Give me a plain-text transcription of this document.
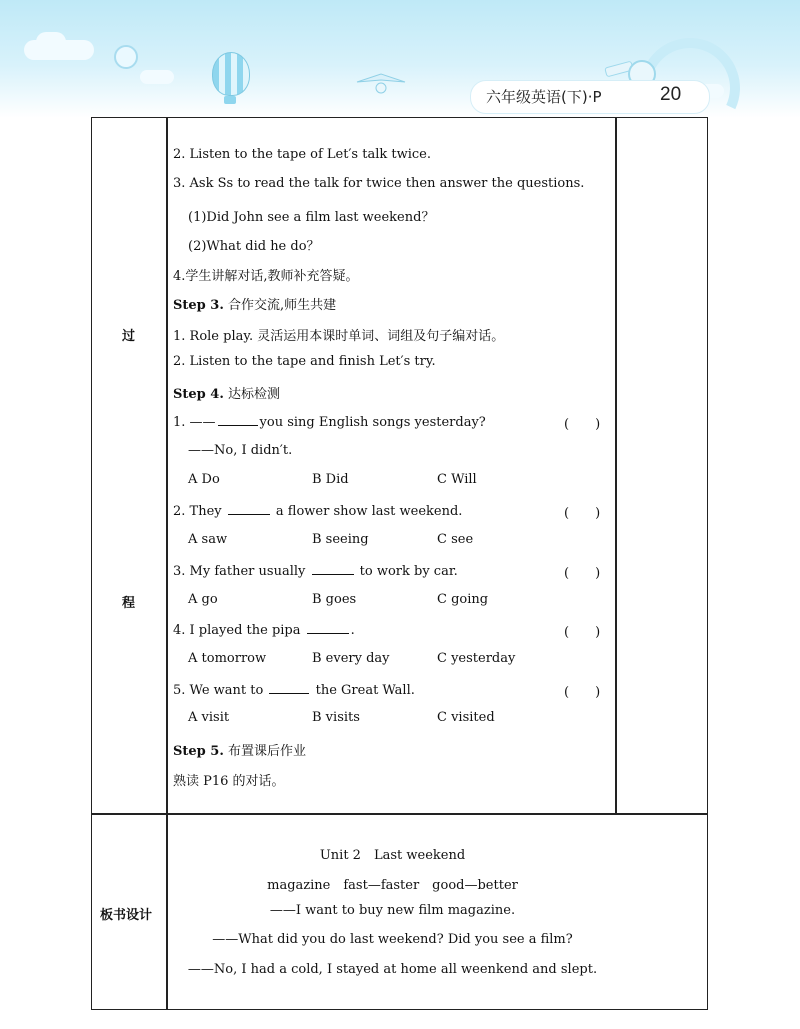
六年级英语(下)·P	20
过
程
板书设计
2. Listen to the tape of Let′s talk twice.
3. Ask Ss to read the talk for twice then answer the questions.
(1)Did John see a film last weekend？
(2)What did he do？
4.学生讲解对话,教师补充答疑。
Step 3. 合作交流,师生共建
1. Role play. 灵活运用本课时单词、词组及句子编对话。
2. Listen to the tape and finish Let′s try.
Step 4. 达标检测
1. ——	you sing English songs yesterday?	(　　)
——No, I didn′t.
A Do	B Did	C Will
2. They	a flower show last weekend.	(　　)
A saw	B seeing	C see
3. My father usually	to work by car.	(　　)
A go	B goes	C going
4. I played the pipa	.	(　　)
A tomorrow	B every day	C yesterday
5. We want to	the Great Wall.	(　　)
A visit	B visits	C visited
Step 5. 布置课后作业
熟读 P16 的对话。
Unit 2　Last weekend
magazine　fast—faster　good—better
——I want to buy new film magazine.
——What did you do last weekend? Did you see a film?
——No, I had a cold, I stayed at home all weenkend and slept.
